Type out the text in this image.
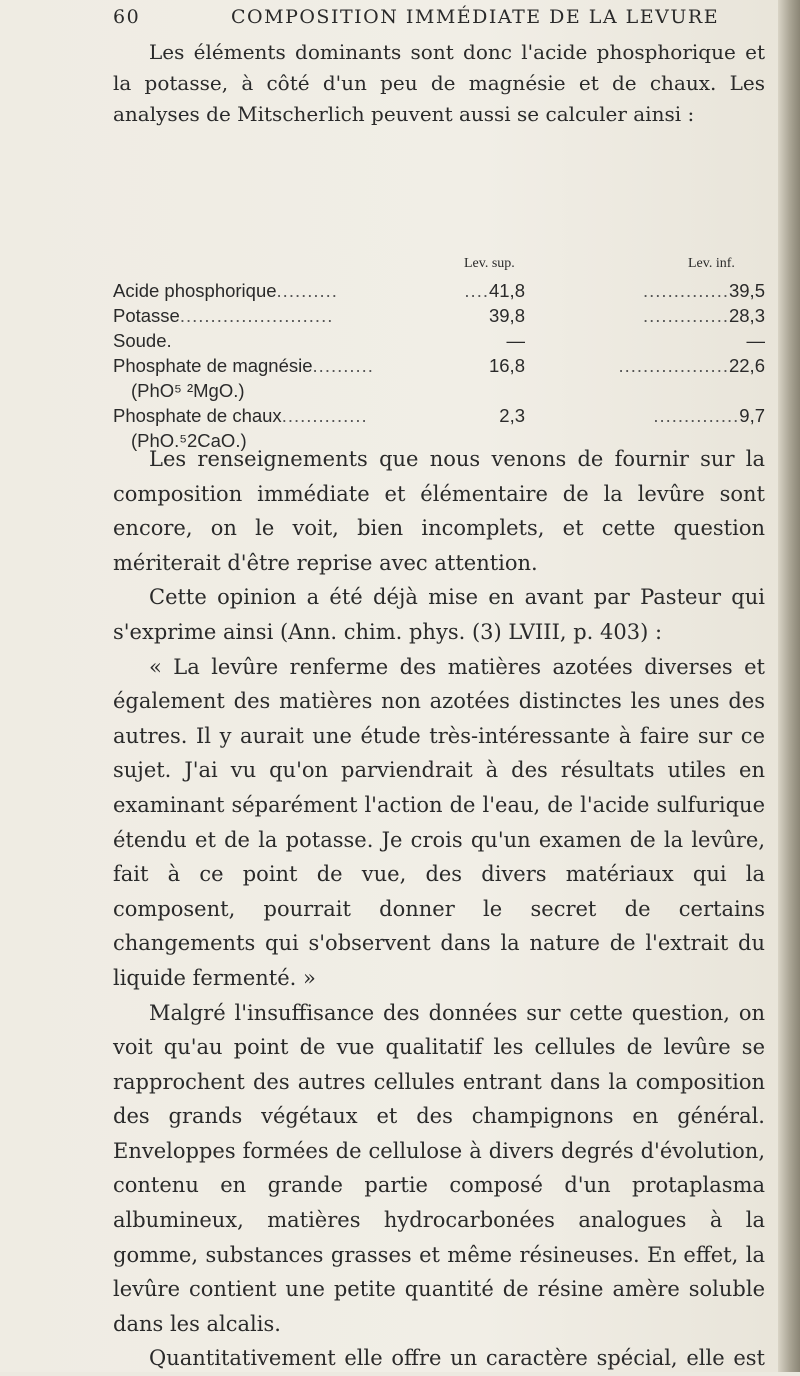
60	COMPOSITION IMMÉDIATE DE LA LEVURE

Les éléments dominants sont donc l'acide phosphorique et la potasse, à côté d'un peu de magnésie et de chaux. Les analyses de Mitscherlich peuvent aussi se calculer ainsi :

Lev. sup.	Lev. inf.
Acide phosphorique..........	....41,8	..............39,5
Potasse.........................	39,8	..............28,3
Soude.	—	—
Phosphate de magnésie..........	16,8	..................22,6
(PhO⁵ ²MgO.)
Phosphate de chaux..............	2,3	..............9,7
(PhO.⁵2CaO.)

Les renseignements que nous venons de fournir sur la composition immédiate et élémentaire de la levûre sont encore, on le voit, bien incomplets, et cette question mériterait d'être reprise avec attention.

Cette opinion a été déjà mise en avant par Pasteur qui s'exprime ainsi (Ann. chim. phys. (3) LVIII, p. 403) :

« La levûre renferme des matières azotées diverses et également des matières non azotées distinctes les unes des autres. Il y aurait une étude très-intéressante à faire sur ce sujet. J'ai vu qu'on parviendrait à des résultats utiles en examinant séparément l'action de l'eau, de l'acide sulfurique étendu et de la potasse. Je crois qu'un examen de la levûre, fait à ce point de vue, des divers matériaux qui la composent, pourrait donner le secret de certains changements qui s'observent dans la nature de l'extrait du liquide fermenté. »

Malgré l'insuffisance des données sur cette question, on voit qu'au point de vue qualitatif les cellules de levûre se rapprochent des autres cellules entrant dans la composition des grands végétaux et des champignons en général. Enveloppes formées de cellulose à divers degrés d'évolution, contenu en grande partie composé d'un protaplasma albumineux, matières hydrocarbonées analogues à la gomme, substances grasses et même résineuses. En effet, la levûre contient une petite quantité de résine amère soluble dans les alcalis.

Quantitativement elle offre un caractère spécial, elle est
